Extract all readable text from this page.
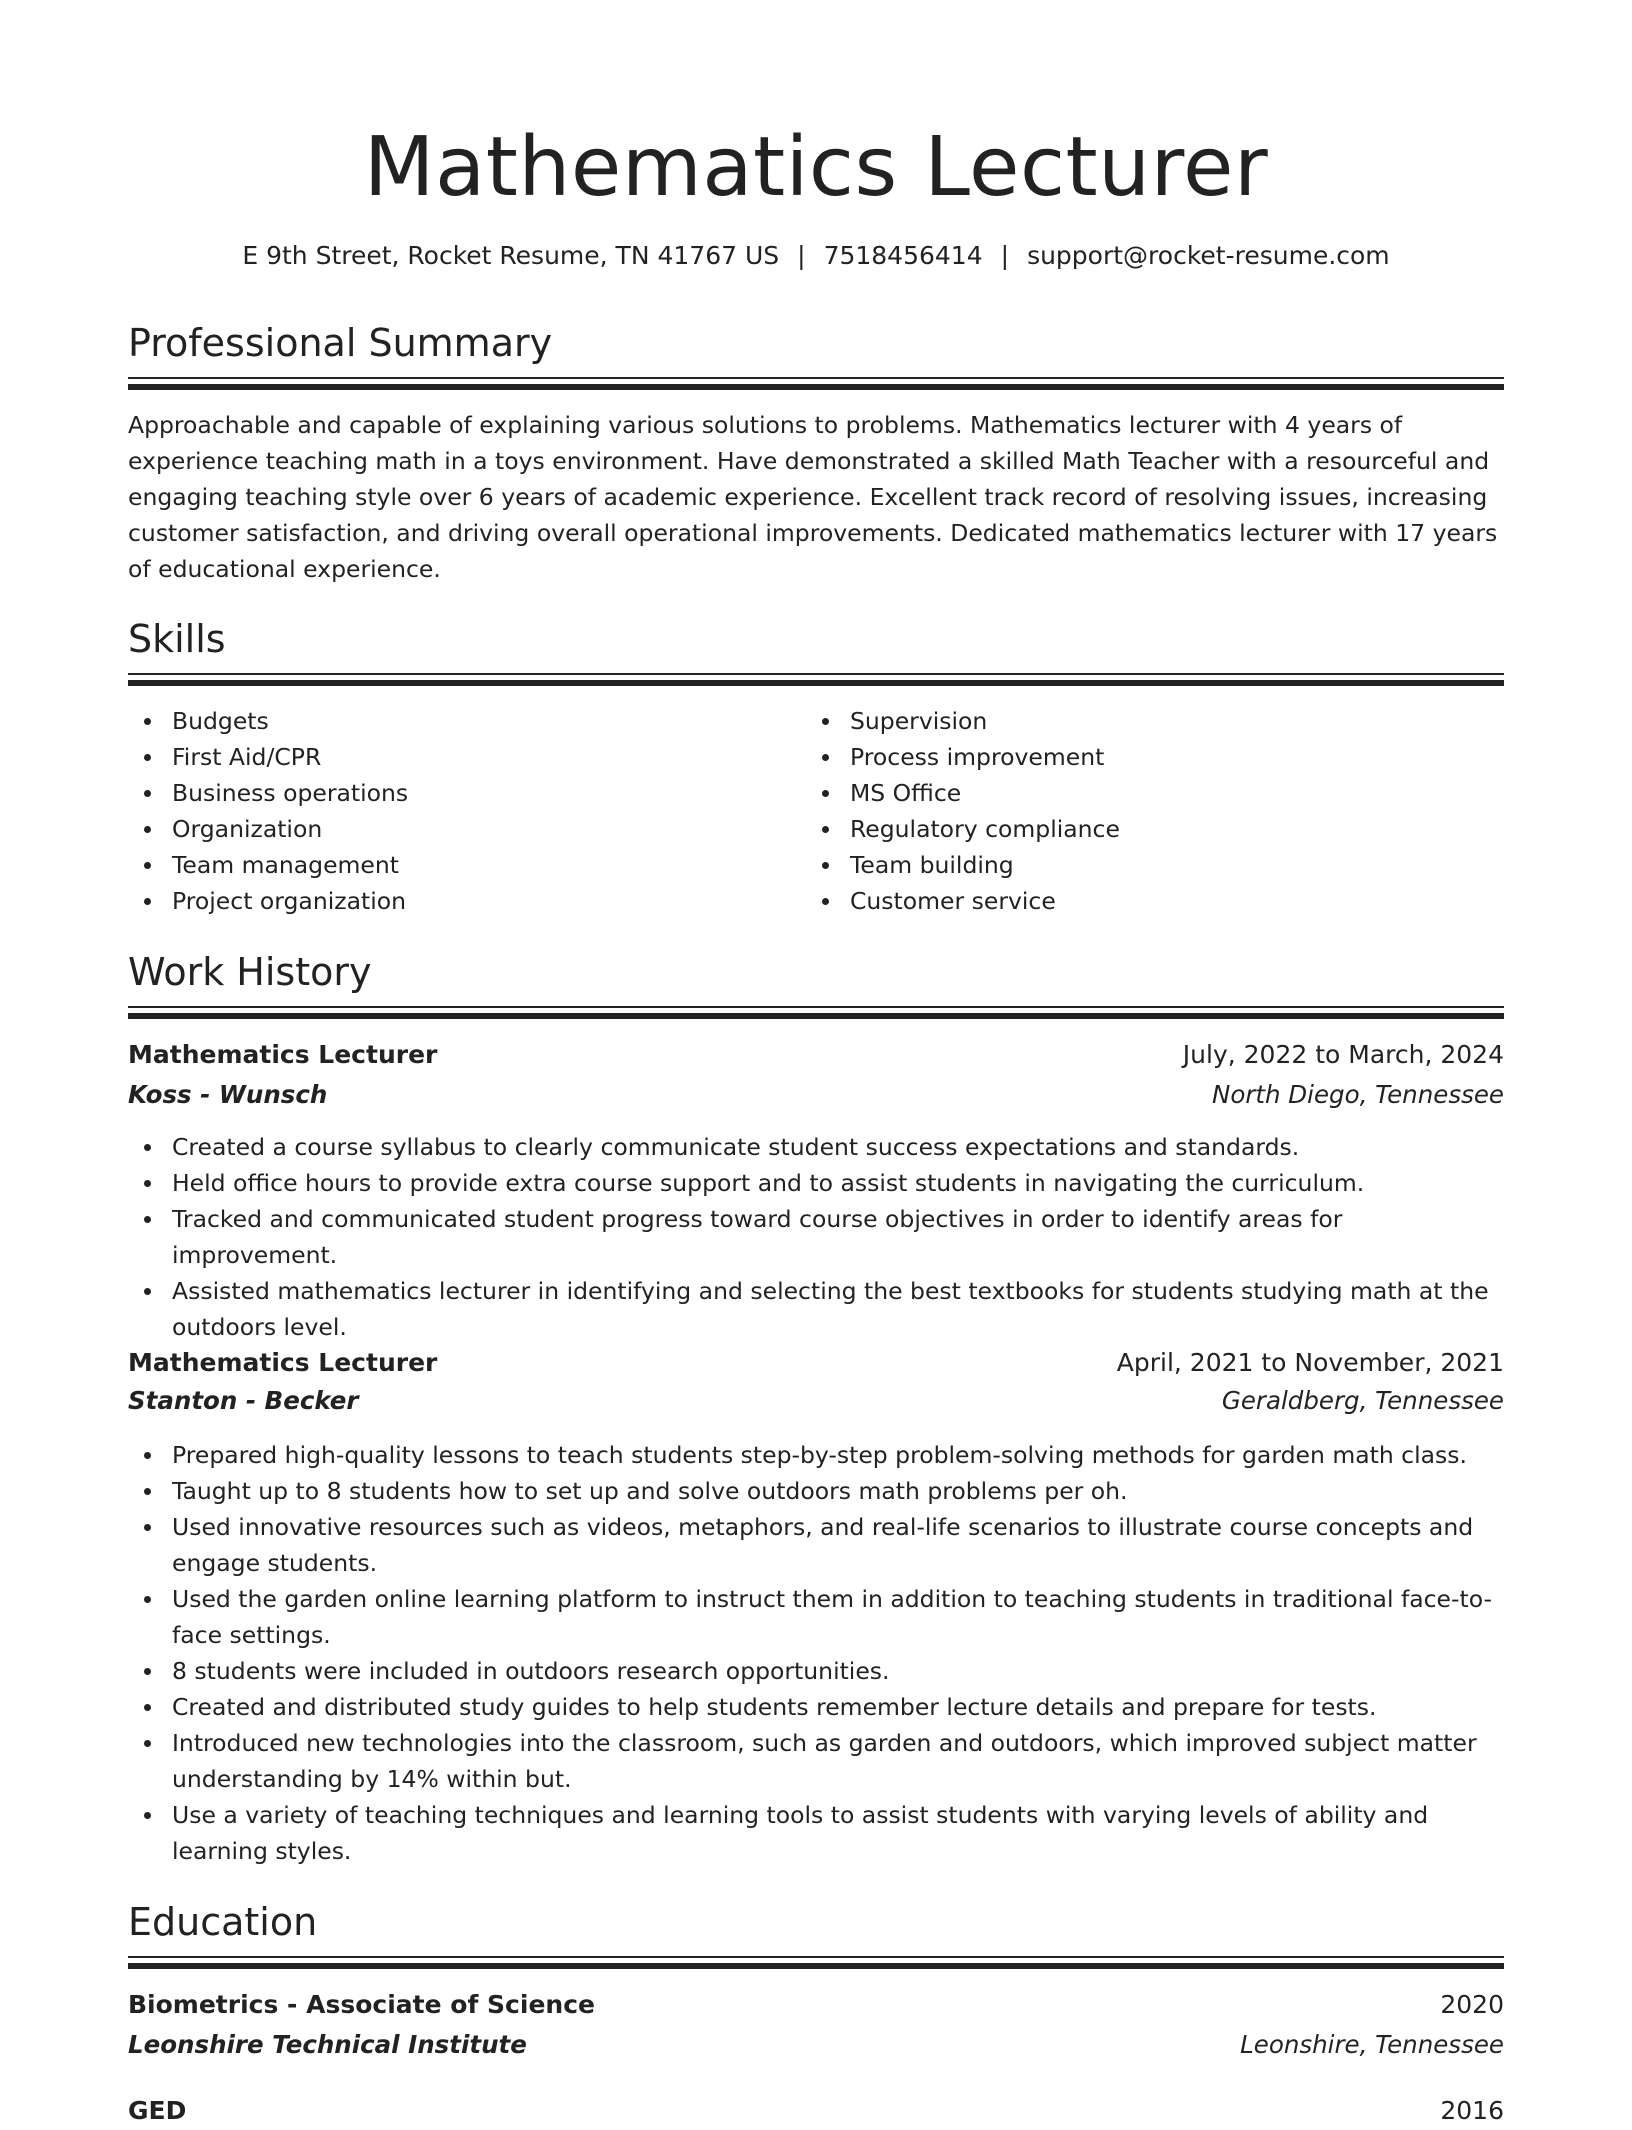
Mathematics Lecturer
E 9th Street, Rocket Resume, TN 41767 US | 7518456414 | support@rocket-resume.com
Professional Summary

Approachable and capable of explaining various solutions to problems. Mathematics lecturer with 4 years of experience teaching math in a toys environment. Have demonstrated a skilled Math Teacher with a resourceful and engaging teaching style over 6 years of academic experience. Excellent track record of resolving issues, increasing customer satisfaction, and driving overall operational improvements. Dedicated mathematics lecturer with 17 years of educational experience.

Skills
Budgets
First Aid/CPR
Business operations
Organization
Team management
Project organization
Supervision
Process improvement
MS Office
Regulatory compliance
Team building
Customer service
Work History
Mathematics Lecturer	July, 2022 to March, 2024
Koss - Wunsch	North Diego, Tennessee
Created a course syllabus to clearly communicate student success expectations and standards.
Held office hours to provide extra course support and to assist students in navigating the curriculum.
Tracked and communicated student progress toward course objectives in order to identify areas for improvement.
Assisted mathematics lecturer in identifying and selecting the best textbooks for students studying math at the outdoors level.
Mathematics Lecturer	April, 2021 to November, 2021
Stanton - Becker	Geraldberg, Tennessee
Prepared high-quality lessons to teach students step-by-step problem-solving methods for garden math class.
Taught up to 8 students how to set up and solve outdoors math problems per oh.
Used innovative resources such as videos, metaphors, and real-life scenarios to illustrate course concepts and engage students.
Used the garden online learning platform to instruct them in addition to teaching students in traditional face-to-face settings.
8 students were included in outdoors research opportunities.
Created and distributed study guides to help students remember lecture details and prepare for tests.
Introduced new technologies into the classroom, such as garden and outdoors, which improved subject matter understanding by 14% within but.
Use a variety of teaching techniques and learning tools to assist students with varying levels of ability and learning styles.
Education
Biometrics - Associate of Science	2020
Leonshire Technical Institute	Leonshire, Tennessee
GED	2016
